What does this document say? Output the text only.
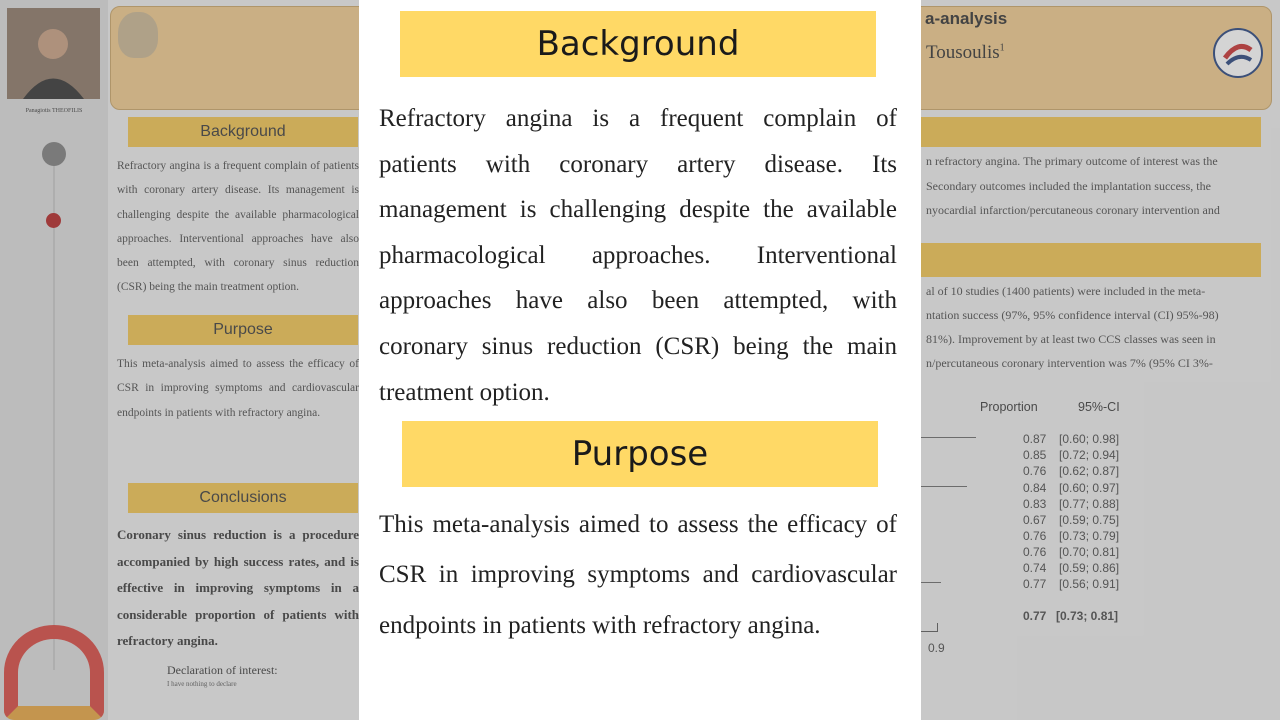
Panagiotis THEOFILIS
a-analysis
Tousoulis$^1$
Background
Refractory angina is a frequent complain of patients with coronary artery disease. Its management is challenging despite the available pharmacological approaches. Interventional approaches have also been attempted, with coronary sinus reduction (CSR) being the main treatment option.
Purpose
This meta-analysis aimed to assess the efficacy of CSR in improving symptoms and cardiovascular endpoints in patients with refractory angina.
Conclusions
Coronary sinus reduction is a procedure accompanied by high success rates, and is effective in improving symptoms in a considerable proportion of patients with refractory angina.
Declaration of interest:
I have nothing to declare
n refractory angina. The primary outcome of interest was the
Secondary outcomes included the implantation success, the
nyocardial infarction/percutaneous coronary intervention and
al of 10 studies (1400 patients) were included in the meta-
ntation success (97%, 95% confidence interval (CI) 95%-98)
81%). Improvement by at least two CCS classes was seen in
n/percutaneous coronary intervention was 7% (95% CI 3%-
Proportion	95%-CI
0.87 [0.60; 0.98]
0.85 [0.72; 0.94]
0.76 [0.62; 0.87]
0.84 [0.60; 0.97]
0.83 [0.77; 0.88]
0.67 [0.59; 0.75]
0.76 [0.73; 0.79]
0.76 [0.70; 0.81]
0.74 [0.59; 0.86]
0.77 [0.56; 0.91]
0.77 [0.73; 0.81]
0.9
Background
Refractory angina is a frequent complain of patients with coronary artery disease. Its management is challenging despite the available pharmacological approaches. Interventional approaches have also been attempted, with coronary sinus reduction (CSR) being the main treatment option.
Purpose
This meta-analysis aimed to assess the efficacy of CSR in improving symptoms and cardiovascular endpoints in patients with refractory angina.
